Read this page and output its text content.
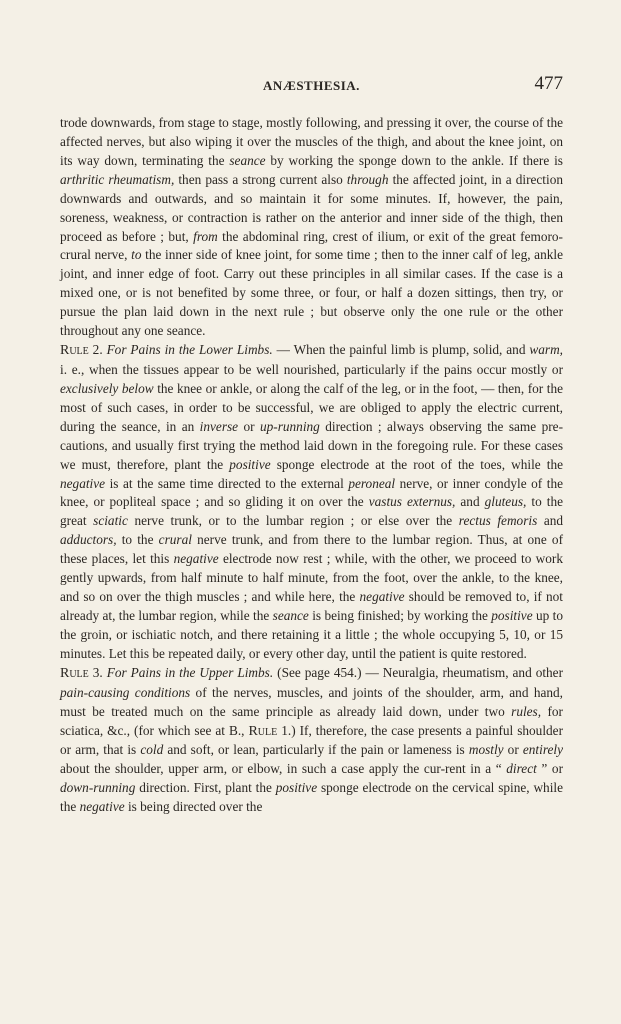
ANÆSTHESIA.	477

trode downwards, from stage to stage, mostly following, and pressing it over, the course of the affected nerves, but also wiping it over the muscles of the thigh, and about the knee joint, on its way down, terminating the seance by working the sponge down to the ankle. If there is arthritic rheumatism, then pass a strong current also through the affected joint, in a direction downwards and outwards, and so maintain it for some minutes. If, however, the pain, soreness, weakness, or contraction is rather on the anterior and inner side of the thigh, then proceed as before ; but, from the abdominal ring, crest of ilium, or exit of the great femoro-crural nerve, to the inner side of knee joint, for some time ; then to the inner calf of leg, ankle joint, and inner edge of foot. Carry out these principles in all similar cases. If the case is a mixed one, or is not benefited by some three, or four, or half a dozen sittings, then try, or pursue the plan laid down in the next rule ; but observe only the one rule or the other throughout any one seance.

Rule 2. For Pains in the Lower Limbs. — When the painful limb is plump, solid, and warm, i. e., when the tissues appear to be well nourished, particularly if the pains occur mostly or exclusively below the knee or ankle, or along the calf of the leg, or in the foot, — then, for the most of such cases, in order to be successful, we are obliged to apply the electric current, during the seance, in an inverse or up-running direction ; always observing the same pre-cautions, and usually first trying the method laid down in the foregoing rule. For these cases we must, therefore, plant the positive sponge electrode at the root of the toes, while the negative is at the same time directed to the external peroneal nerve, or inner condyle of the knee, or popliteal space ; and so gliding it on over the vastus externus, and gluteus, to the great sciatic nerve trunk, or to the lumbar region ; or else over the rectus femoris and adductors, to the crural nerve trunk, and from there to the lumbar region. Thus, at one of these places, let this negative electrode now rest ; while, with the other, we proceed to work gently upwards, from half minute to half minute, from the foot, over the ankle, to the knee, and so on over the thigh muscles ; and while here, the negative should be removed to, if not already at, the lumbar region, while the seance is being finished; by working the positive up to the groin, or ischiatic notch, and there retaining it a little ; the whole occupying 5, 10, or 15 minutes. Let this be repeated daily, or every other day, until the patient is quite restored.

Rule 3. For Pains in the Upper Limbs. (See page 454.) — Neuralgia, rheumatism, and other pain-causing conditions of the nerves, muscles, and joints of the shoulder, arm, and hand, must be treated much on the same principle as already laid down, under two rules, for sciatica, &c., (for which see at B., Rule 1.) If, therefore, the case presents a painful shoulder or arm, that is cold and soft, or lean, particularly if the pain or lameness is mostly or entirely about the shoulder, upper arm, or elbow, in such a case apply the cur-rent in a “ direct ” or down-running direction. First, plant the positive sponge electrode on the cervical spine, while the negative is being directed over the
